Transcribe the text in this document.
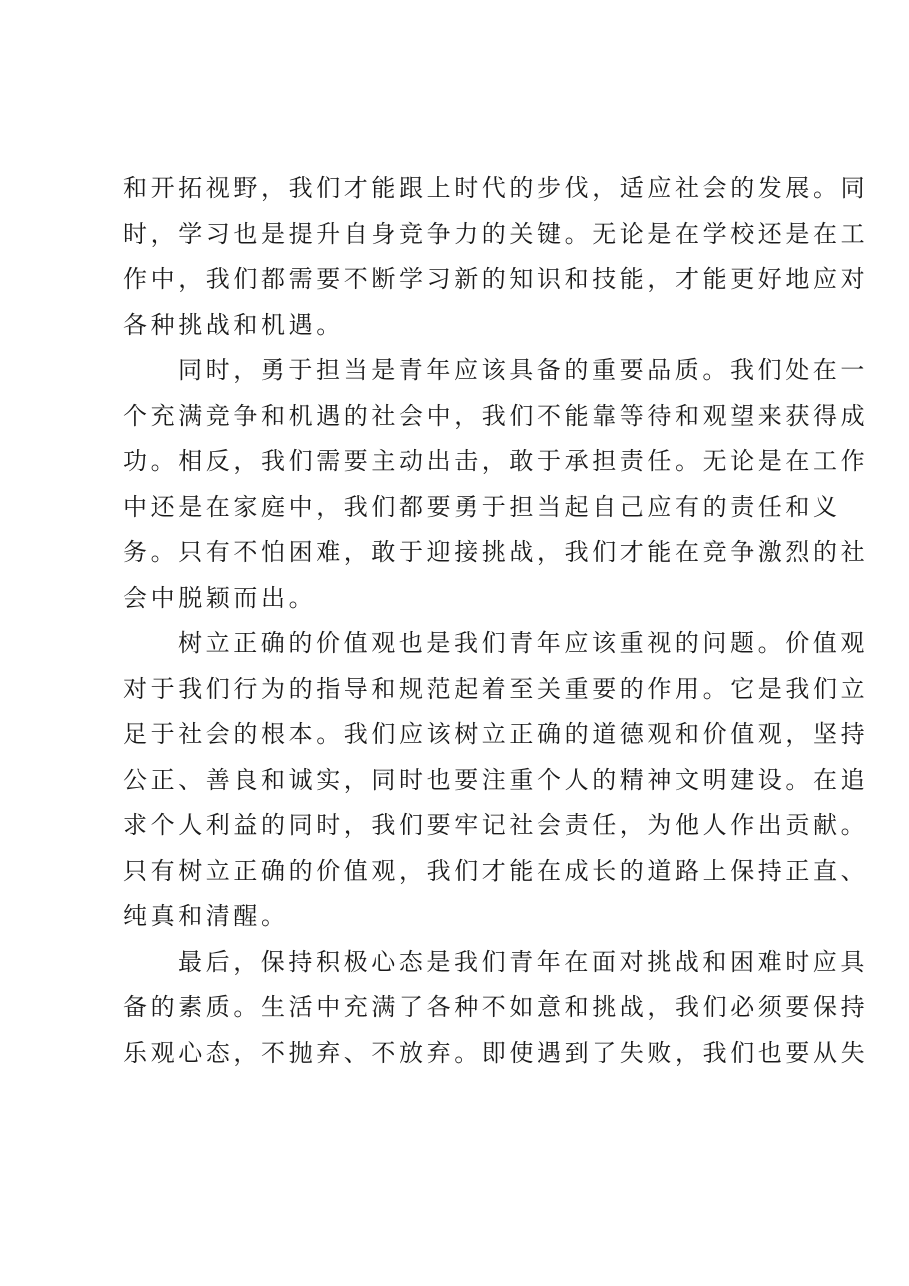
和开拓视野，我们才能跟上时代的步伐，适应社会的发展。同
时，学习也是提升自身竞争力的关键。无论是在学校还是在工
作中，我们都需要不断学习新的知识和技能，才能更好地应对
各种挑战和机遇。
同时，勇于担当是青年应该具备的重要品质。我们处在一
个充满竞争和机遇的社会中，我们不能靠等待和观望来获得成
功。相反，我们需要主动出击，敢于承担责任。无论是在工作
中还是在家庭中，我们都要勇于担当起自己应有的责任和义
务。只有不怕困难，敢于迎接挑战，我们才能在竞争激烈的社
会中脱颖而出。
树立正确的价值观也是我们青年应该重视的问题。价值观
对于我们行为的指导和规范起着至关重要的作用。它是我们立
足于社会的根本。我们应该树立正确的道德观和价值观，坚持
公正、善良和诚实，同时也要注重个人的精神文明建设。在追
求个人利益的同时，我们要牢记社会责任，为他人作出贡献。
只有树立正确的价值观，我们才能在成长的道路上保持正直、
纯真和清醒。
最后，保持积极心态是我们青年在面对挑战和困难时应具
备的素质。生活中充满了各种不如意和挑战，我们必须要保持
乐观心态，不抛弃、不放弃。即使遇到了失败，我们也要从失
